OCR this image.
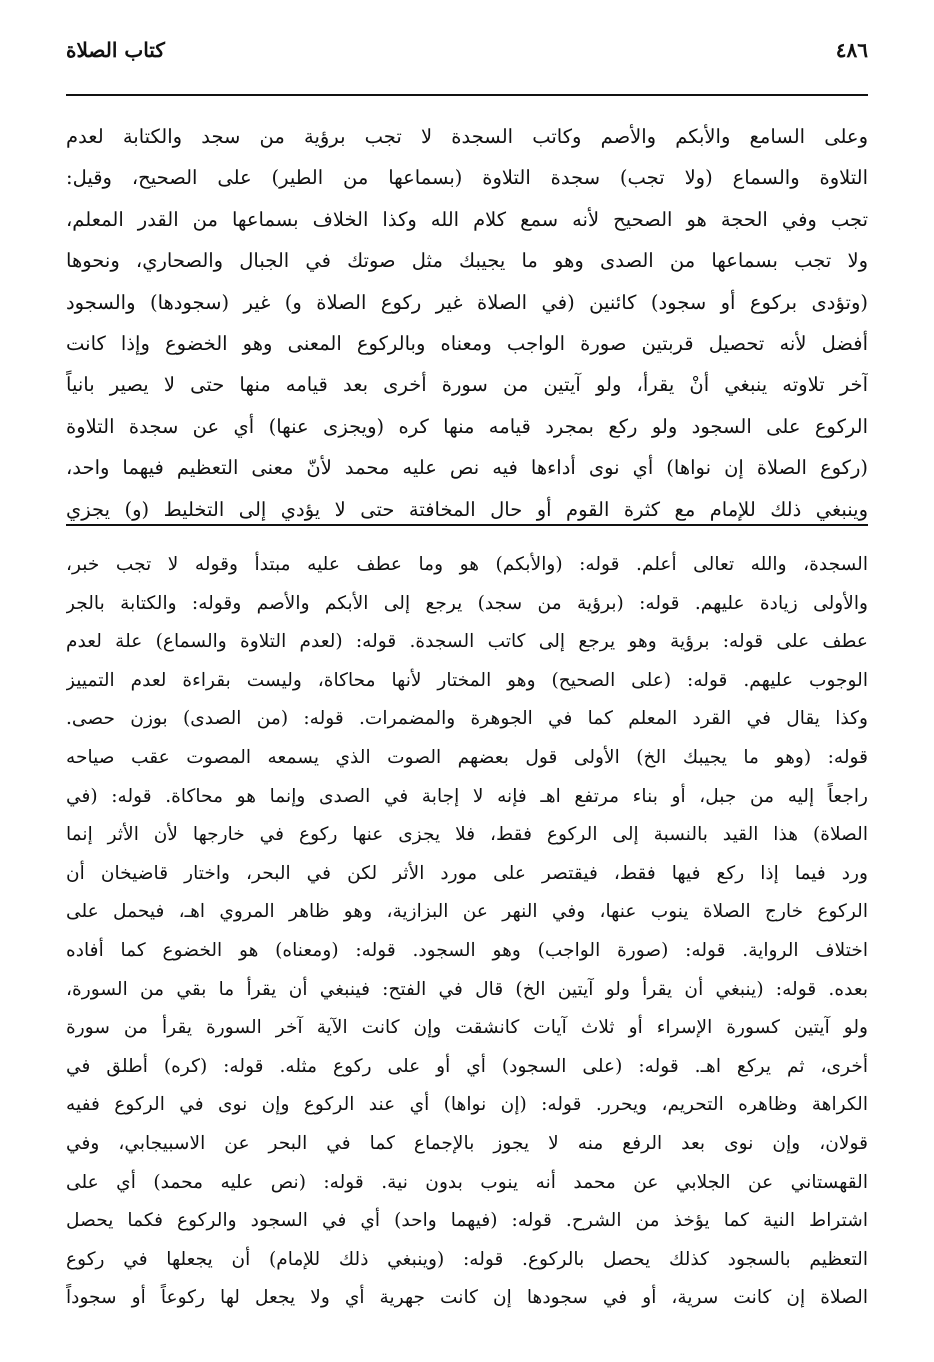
كتاب الصلاة	٤٨٦

وعلى السامع والأبكم والأصم وكاتب السجدة لا تجب برؤية من سجد والكتابة لعدم

التلاوة والسماع (ولا تجب) سجدة التلاوة (بسماعها من الطير) على الصحيح، وقيل:

تجب وفي الحجة هو الصحيح لأنه سمع كلام الله وكذا الخلاف بسماعها من القدر المعلم،

ولا تجب بسماعها من الصدى وهو ما يجيبك مثل صوتك في الجبال والصحاري، ونحوها

(وتؤدى بركوع أو سجود) كائنين (في الصلاة غير ركوع الصلاة و) غير (سجودها) والسجود

أفضل لأنه تحصيل قربتين صورة الواجب ومعناه وبالركوع المعنى وهو الخضوع وإذا كانت

آخر تلاوته ينبغي أنْ يقرأ، ولو آيتين من سورة أخرى بعد قيامه منها حتى لا يصير بانياً

الركوع على السجود ولو ركع بمجرد قيامه منها كره (ويجزى عنها) أي عن سجدة التلاوة

(ركوع الصلاة إن نواها) أي نوى أداءها فيه نص عليه محمد لأنّ معنى التعظيم فيهما واحد،

وينبغي ذلك للإمام مع كثرة القوم أو حال المخافتة حتى لا يؤدي إلى التخليط (و) يجزي

السجدة، والله تعالى أعلم. قوله: (والأبكم) هو وما عطف عليه مبتدأ وقوله لا تجب خبر،

والأولى زيادة عليهم. قوله: (برؤية من سجد) يرجع إلى الأبكم والأصم وقوله: والكتابة بالجر

عطف على قوله: برؤية وهو يرجع إلى كاتب السجدة. قوله: (لعدم التلاوة والسماع) علة لعدم

الوجوب عليهم. قوله: (على الصحيح) وهو المختار لأنها محاكاة، وليست بقراءة لعدم التمييز

وكذا يقال في القرد المعلم كما في الجوهرة والمضمرات. قوله: (من الصدى) بوزن حصى.

قوله: (وهو ما يجيبك الخ) الأولى قول بعضهم الصوت الذي يسمعه المصوت عقب صياحه

راجعاً إليه من جبل، أو بناء مرتفع اهـ فإنه لا إجابة في الصدى وإنما هو محاكاة. قوله: (في

الصلاة) هذا القيد بالنسبة إلى الركوع فقط، فلا يجزى عنها ركوع في خارجها لأن الأثر إنما

ورد فيما إذا ركع فيها فقط، فيقتصر على مورد الأثر لكن في البحر، واختار قاضيخان أن

الركوع خارج الصلاة ينوب عنها، وفي النهر عن البزازية، وهو ظاهر المروي اهـ، فيحمل على

اختلاف الرواية. قوله: (صورة الواجب) وهو السجود. قوله: (ومعناه) هو الخضوع كما أفاده

بعده. قوله: (ينبغي أن يقرأ ولو آيتين الخ) قال في الفتح: فينبغي أن يقرأ ما بقي من السورة،

ولو آيتين كسورة الإسراء أو ثلاث آيات كانشقت وإن كانت الآية آخر السورة يقرأ من سورة

أخرى، ثم يركع اهـ. قوله: (على السجود) أي أو على ركوع مثله. قوله: (كره) أطلق في

الكراهة وظاهره التحريم، ويحرر. قوله: (إن نواها) أي عند الركوع وإن نوى في الركوع ففيه

قولان، وإن نوى بعد الرفع منه لا يجوز بالإجماع كما في البحر عن الاسبيجابي، وفي

القهستاني عن الجلابي عن محمد أنه ينوب بدون نية. قوله: (نص عليه محمد) أي على

اشتراط النية كما يؤخذ من الشرح. قوله: (فيهما واحد) أي في السجود والركوع فكما يحصل

التعظيم بالسجود كذلك يحصل بالركوع. قوله: (وينبغي ذلك للإمام) أن يجعلها في ركوع

الصلاة إن كانت سرية، أو في سجودها إن كانت جهرية أي ولا يجعل لها ركوعاً أو سجوداً
